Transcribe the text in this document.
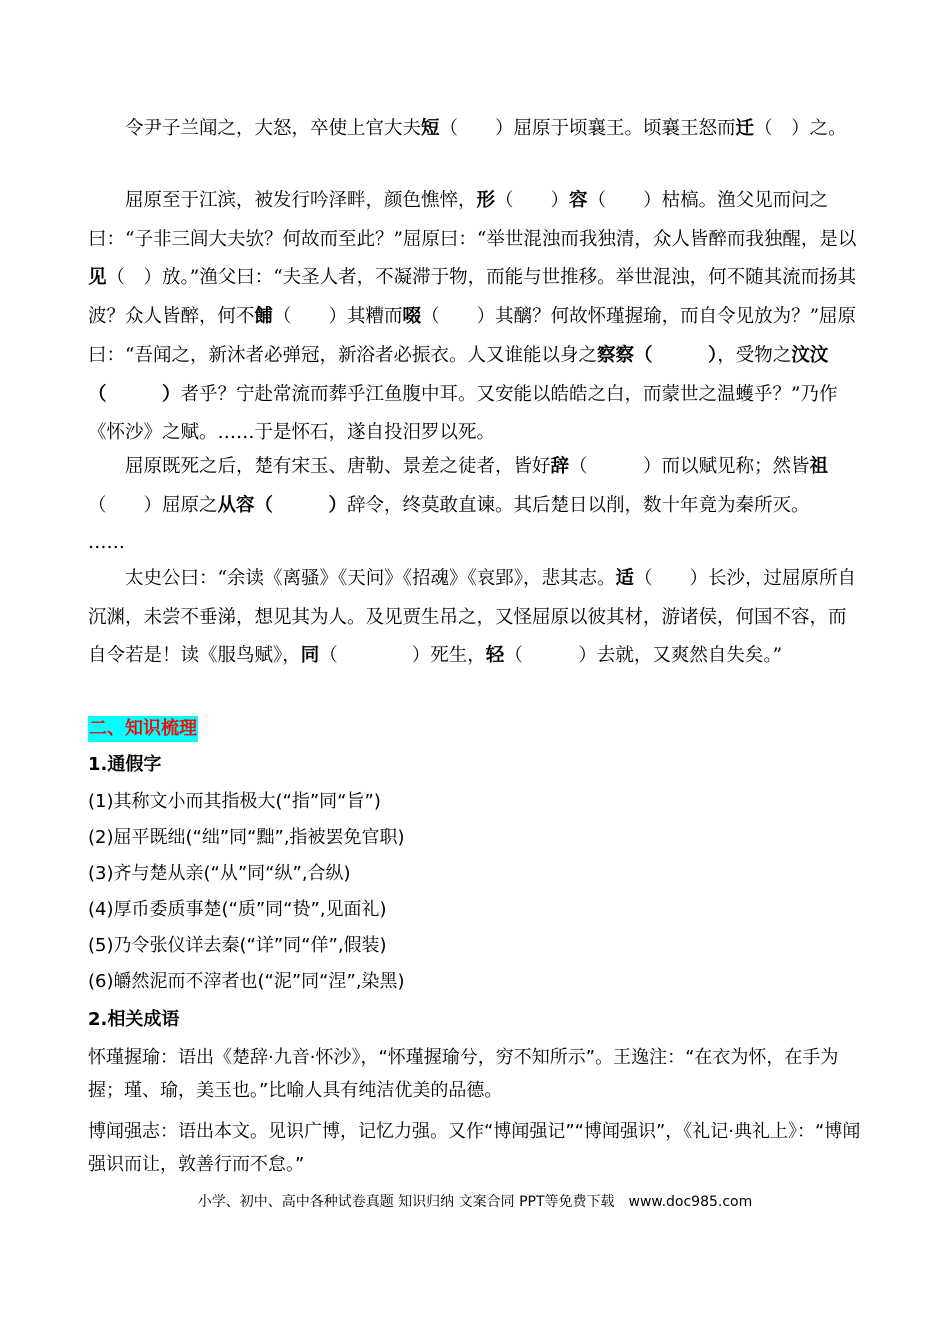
令尹子兰闻之，大怒，卒使上官大夫短（　　）屈原于顷襄王。顷襄王怒而迁（　）之。

屈原至于江滨，被发行吟泽畔，颜色憔悴，形（　　）容（　　）枯槁。渔父见而问之曰：“子非三闾大夫欤？何故而至此？”屈原曰：“举世混浊而我独清，众人皆醉而我独醒，是以见（　）放。”渔父曰：“夫圣人者，不凝滞于物，而能与世推移。举世混浊，何不随其流而扬其波？众人皆醉，何不餔（　　）其糟而啜（　　）其醨？何故怀瑾握瑜，而自令见放为？”屈原曰：“吾闻之，新沐者必弹冠，新浴者必振衣。人又谁能以身之察察（　　　），受物之汶汶（　　　）者乎？宁赴常流而葬乎江鱼腹中耳。又安能以皓皓之白，而蒙世之温蠖乎？”乃作《怀沙》之赋。……于是怀石，遂自投汨罗以死。

屈原既死之后，楚有宋玉、唐勒、景差之徒者，皆好辞（　　　）而以赋见称；然皆祖（　　）屈原之从容（　　　）辞令，终莫敢直谏。其后楚日以削，数十年竟为秦所灭。

……

太史公曰：“余读《离骚》《天问》《招魂》《哀郢》，悲其志。适（　　）长沙，过屈原所自沉渊，未尝不垂涕，想见其为人。及见贾生吊之，又怪屈原以彼其材，游诸侯，何国不容，而自令若是！读《服鸟赋》，同（　　　　）死生，轻（　　　）去就，又爽然自失矣。”

二、知识梳理
1.通假字
(1)其称文小而其指极大(“指”同“旨”)
(2)屈平既绌(“绌”同“黜”,指被罢免官职)
(3)齐与楚从亲(“从”同“纵”,合纵)
(4)厚币委质事楚(“质”同“贽”,见面礼)
(5)乃令张仪详去秦(“详”同“佯”,假装)
(6)皭然泥而不滓者也(“泥”同“涅”,染黑)
2.相关成语

怀瑾握瑜：语出《楚辞·九音·怀沙》，“怀瑾握瑜兮，穷不知所示”。王逸注：“在衣为怀，在手为握；瑾、瑜，美玉也。”比喻人具有纯洁优美的品德。

博闻强志：语出本文。见识广博，记忆力强。又作“博闻强记”“博闻强识”，《礼记·典礼上》：“博闻强识而让，敦善行而不怠。”

小学、初中、高中各种试卷真题 知识归纳 文案合同 PPT等免费下载 www.doc985.com
